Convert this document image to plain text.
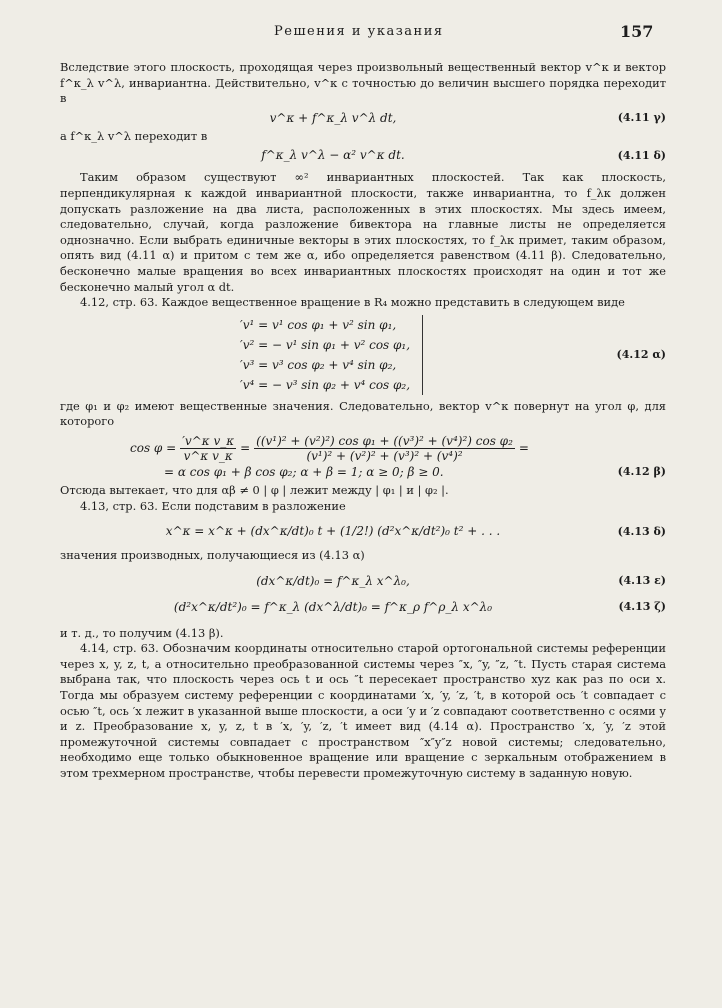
Решения и указания	157

Вследствие этого плоскость, проходящая через произвольный вещественный вектор v^κ и вектор f^κ_λ v^λ, инвариантна. Действительно, v^κ с точностью до величин высшего порядка переходит в

v^κ + f^κ_λ v^λ dt,	(4.11 γ)

а f^κ_λ v^λ переходит в

f^κ_λ v^λ − α² v^κ dt.	(4.11 δ)

Таким образом существуют ∞² инвариантных плоскостей. Так как плоскость, перпендикулярная к каждой инвариантной плоскости, также инвариантна, то f_λκ должен допускать разложение на два листа, расположенных в этих плоскостях. Мы здесь имеем, следовательно, случай, когда разложение бивектора на главные листы не определяется однозначно. Если выбрать единичные векторы в этих плоскостях, то f_λκ примет, таким образом, опять вид (4.11 α) и притом с тем же α, ибо определяется равенством (4.11 β). Следовательно, бесконечно малые вращения во всех инвариантных плоскостях происходят на один и тот же бесконечно малый угол α dt.

4.12, стр. 63. Каждое вещественное вращение в R₄ можно представить в следующем виде

′v¹ = v¹ cos φ₁ + v² sin φ₁,
′v² = − v¹ sin φ₁ + v² cos φ₁,
′v³ = v³ cos φ₂ + v⁴ sin φ₂,
′v⁴ = − v³ sin φ₂ + v⁴ cos φ₂,
(4.12 α)

где φ₁ и φ₂ имеют вещественные значения. Следовательно, вектор v^κ повернут на угол φ, для которого

$\cos \varphi = \frac{\text{′v\textasciicircum{}κ v\_κ}}{\text{v\textasciicircum{}κ v\_κ}} = \frac{\text{((v¹)² + (v²)²) cos φ₁ + ((v³)² + (v⁴)²) cos φ₂}}{\text{(v¹)² + (v²)² + (v³)² + (v⁴)²}}$ =
= α cos φ₁ + β cos φ₂; α + β = 1; α ≥ 0; β ≥ 0.	(4.12 β)

Отсюда вытекает, что для αβ ≠ 0 | φ | лежит между | φ₁ | и | φ₂ |.

4.13, стр. 63. Если подставим в разложение

x^κ = x^κ + (dx^κ/dt)₀ t + (1/2!) (d²x^κ/dt²)₀ t² + . . .	(4.13 δ)

значения производных, получающиеся из (4.13 α)

(dx^κ/dt)₀ = f^κ_λ x^λ₀,	(4.13 ε)
(d²x^κ/dt²)₀ = f^κ_λ (dx^λ/dt)₀ = f^κ_ρ f^ρ_λ x^λ₀	(4.13 ζ)

и т. д., то получим (4.13 β).

4.14, стр. 63. Обозначим координаты относительно старой ортогональной системы референции через x, y, z, t, а относительно преобразованной системы через ″x, ″y, ″z, ″t. Пусть старая система выбрана так, что плоскость через ось t и ось ″t пересекает пространство xyz как раз по оси x. Тогда мы образуем систему референции с координатами ′x, ′y, ′z, ′t, в которой ось ′t совпадает с осью ″t, ось ′x лежит в указанной выше плоскости, а оси ′y и ′z совпадают соответственно с осями y и z. Преобразование x, y, z, t в ′x, ′y, ′z, ′t имеет вид (4.14 α). Пространство ′x, ′y, ′z этой промежуточной системы совпадает с пространством ″x″y″z новой системы; следовательно, необходимо еще только обыкновенное вращение или вращение с зеркальным отображением в этом трехмерном пространстве, чтобы перевести промежуточную систему в заданную новую.
